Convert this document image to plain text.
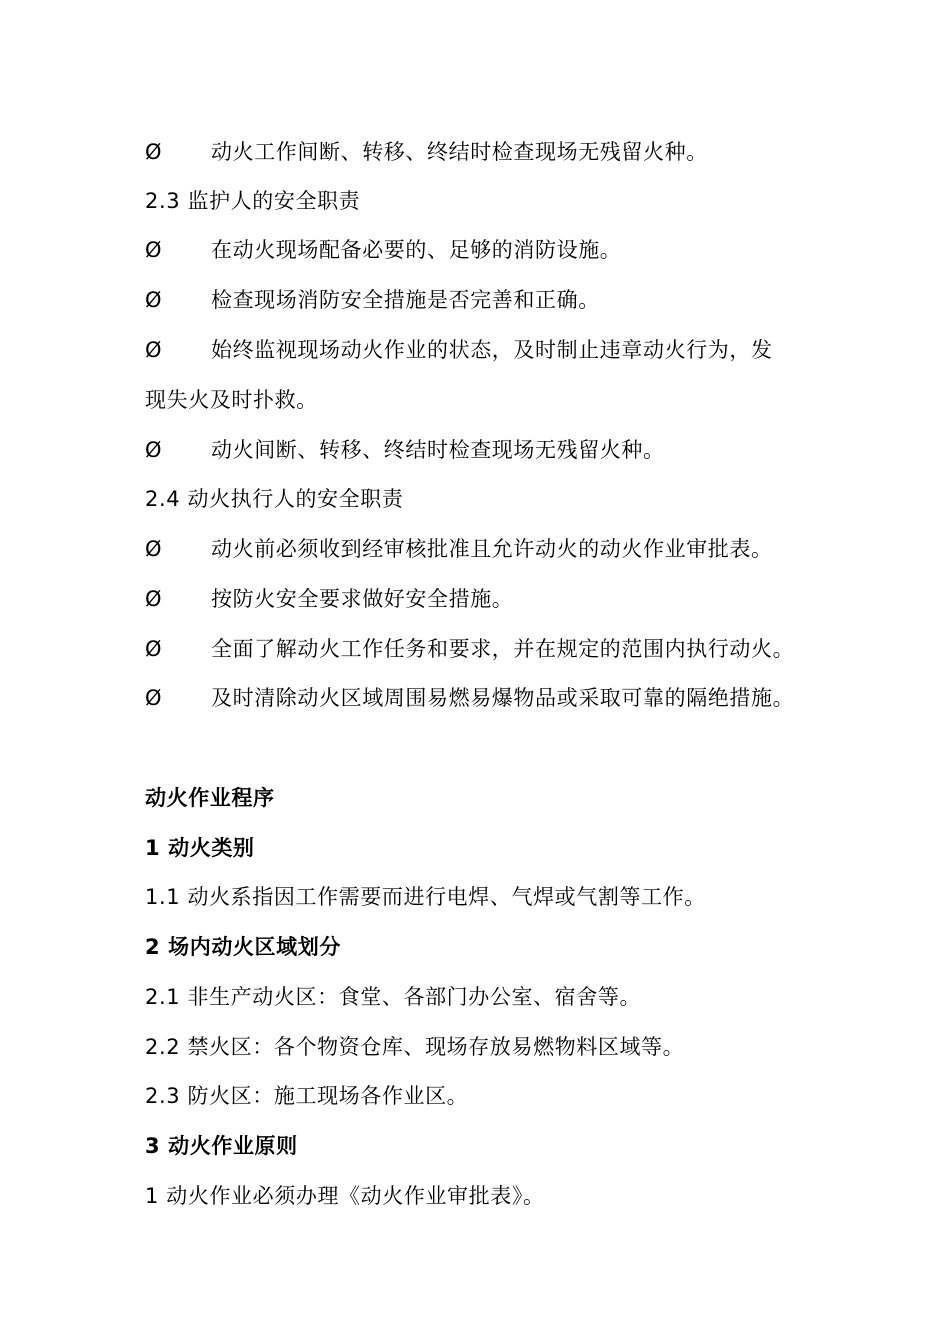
Ø 动火工作间断、转移、终结时检查现场无残留火种。
2.3 监护人的安全职责
Ø 在动火现场配备必要的、足够的消防设施。
Ø 检查现场消防安全措施是否完善和正确。
Ø 始终监视现场动火作业的状态，及时制止违章动火行为，发
现失火及时扑救。
Ø 动火间断、转移、终结时检查现场无残留火种。
2.4 动火执行人的安全职责
Ø 动火前必须收到经审核批准且允许动火的动火作业审批表。
Ø 按防火安全要求做好安全措施。
Ø 全面了解动火工作任务和要求，并在规定的范围内执行动火。
Ø 及时清除动火区域周围易燃易爆物品或采取可靠的隔绝措施。
动火作业程序
1 动火类别
1.1 动火系指因工作需要而进行电焊、气焊或气割等工作。
2 场内动火区域划分
2.1 非生产动火区：食堂、各部门办公室、宿舍等。
2.2 禁火区：各个物资仓库、现场存放易燃物料区域等。
2.3 防火区：施工现场各作业区。
3 动火作业原则
1 动火作业必须办理《动火作业审批表》。
